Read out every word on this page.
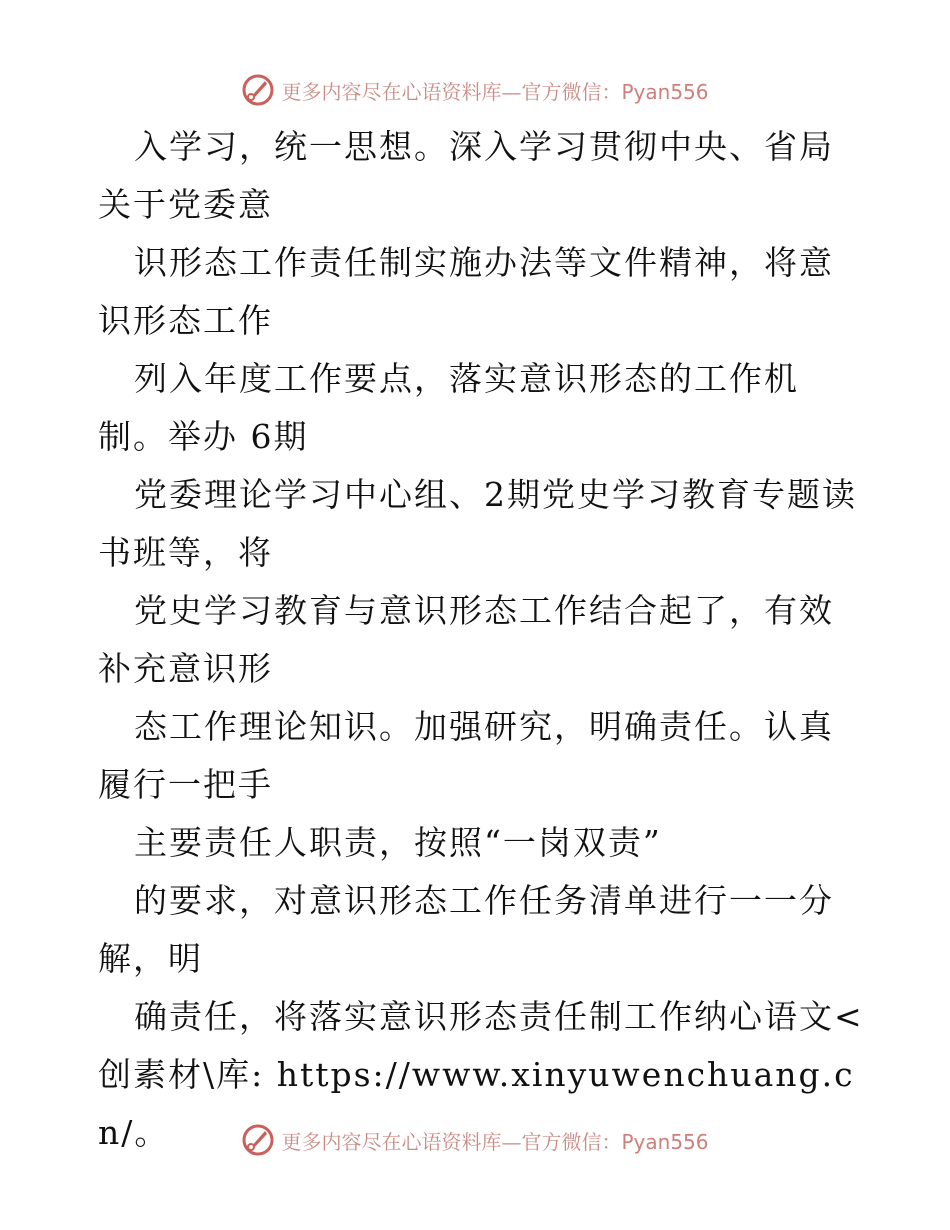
更多内容尽在心语资料库—官方微信：Pyan556
入学习，统一思想。深入学习贯彻中央、省局关于党委意
识形态工作责任制实施办法等文件精神，将意识形态工作
列入年度工作要点，落实意识形态的工作机制。举办 6期
党委理论学习中心组、2期党史学习教育专题读书班等，将
党史学习教育与意识形态工作结合起了，有效补充意识形
态工作理论知识。加强研究，明确责任。认真履行一把手
主要责任人职责，按照“一岗双责”
的要求，对意识形态工作任务清单进行一一分解，明
确责任，将落实意识形态责任制工作纳心语文<创素材\库: https://www.xinyuwenchuang.cn/。	更多内容尽在心语资料库—官方微信：Pyan556
